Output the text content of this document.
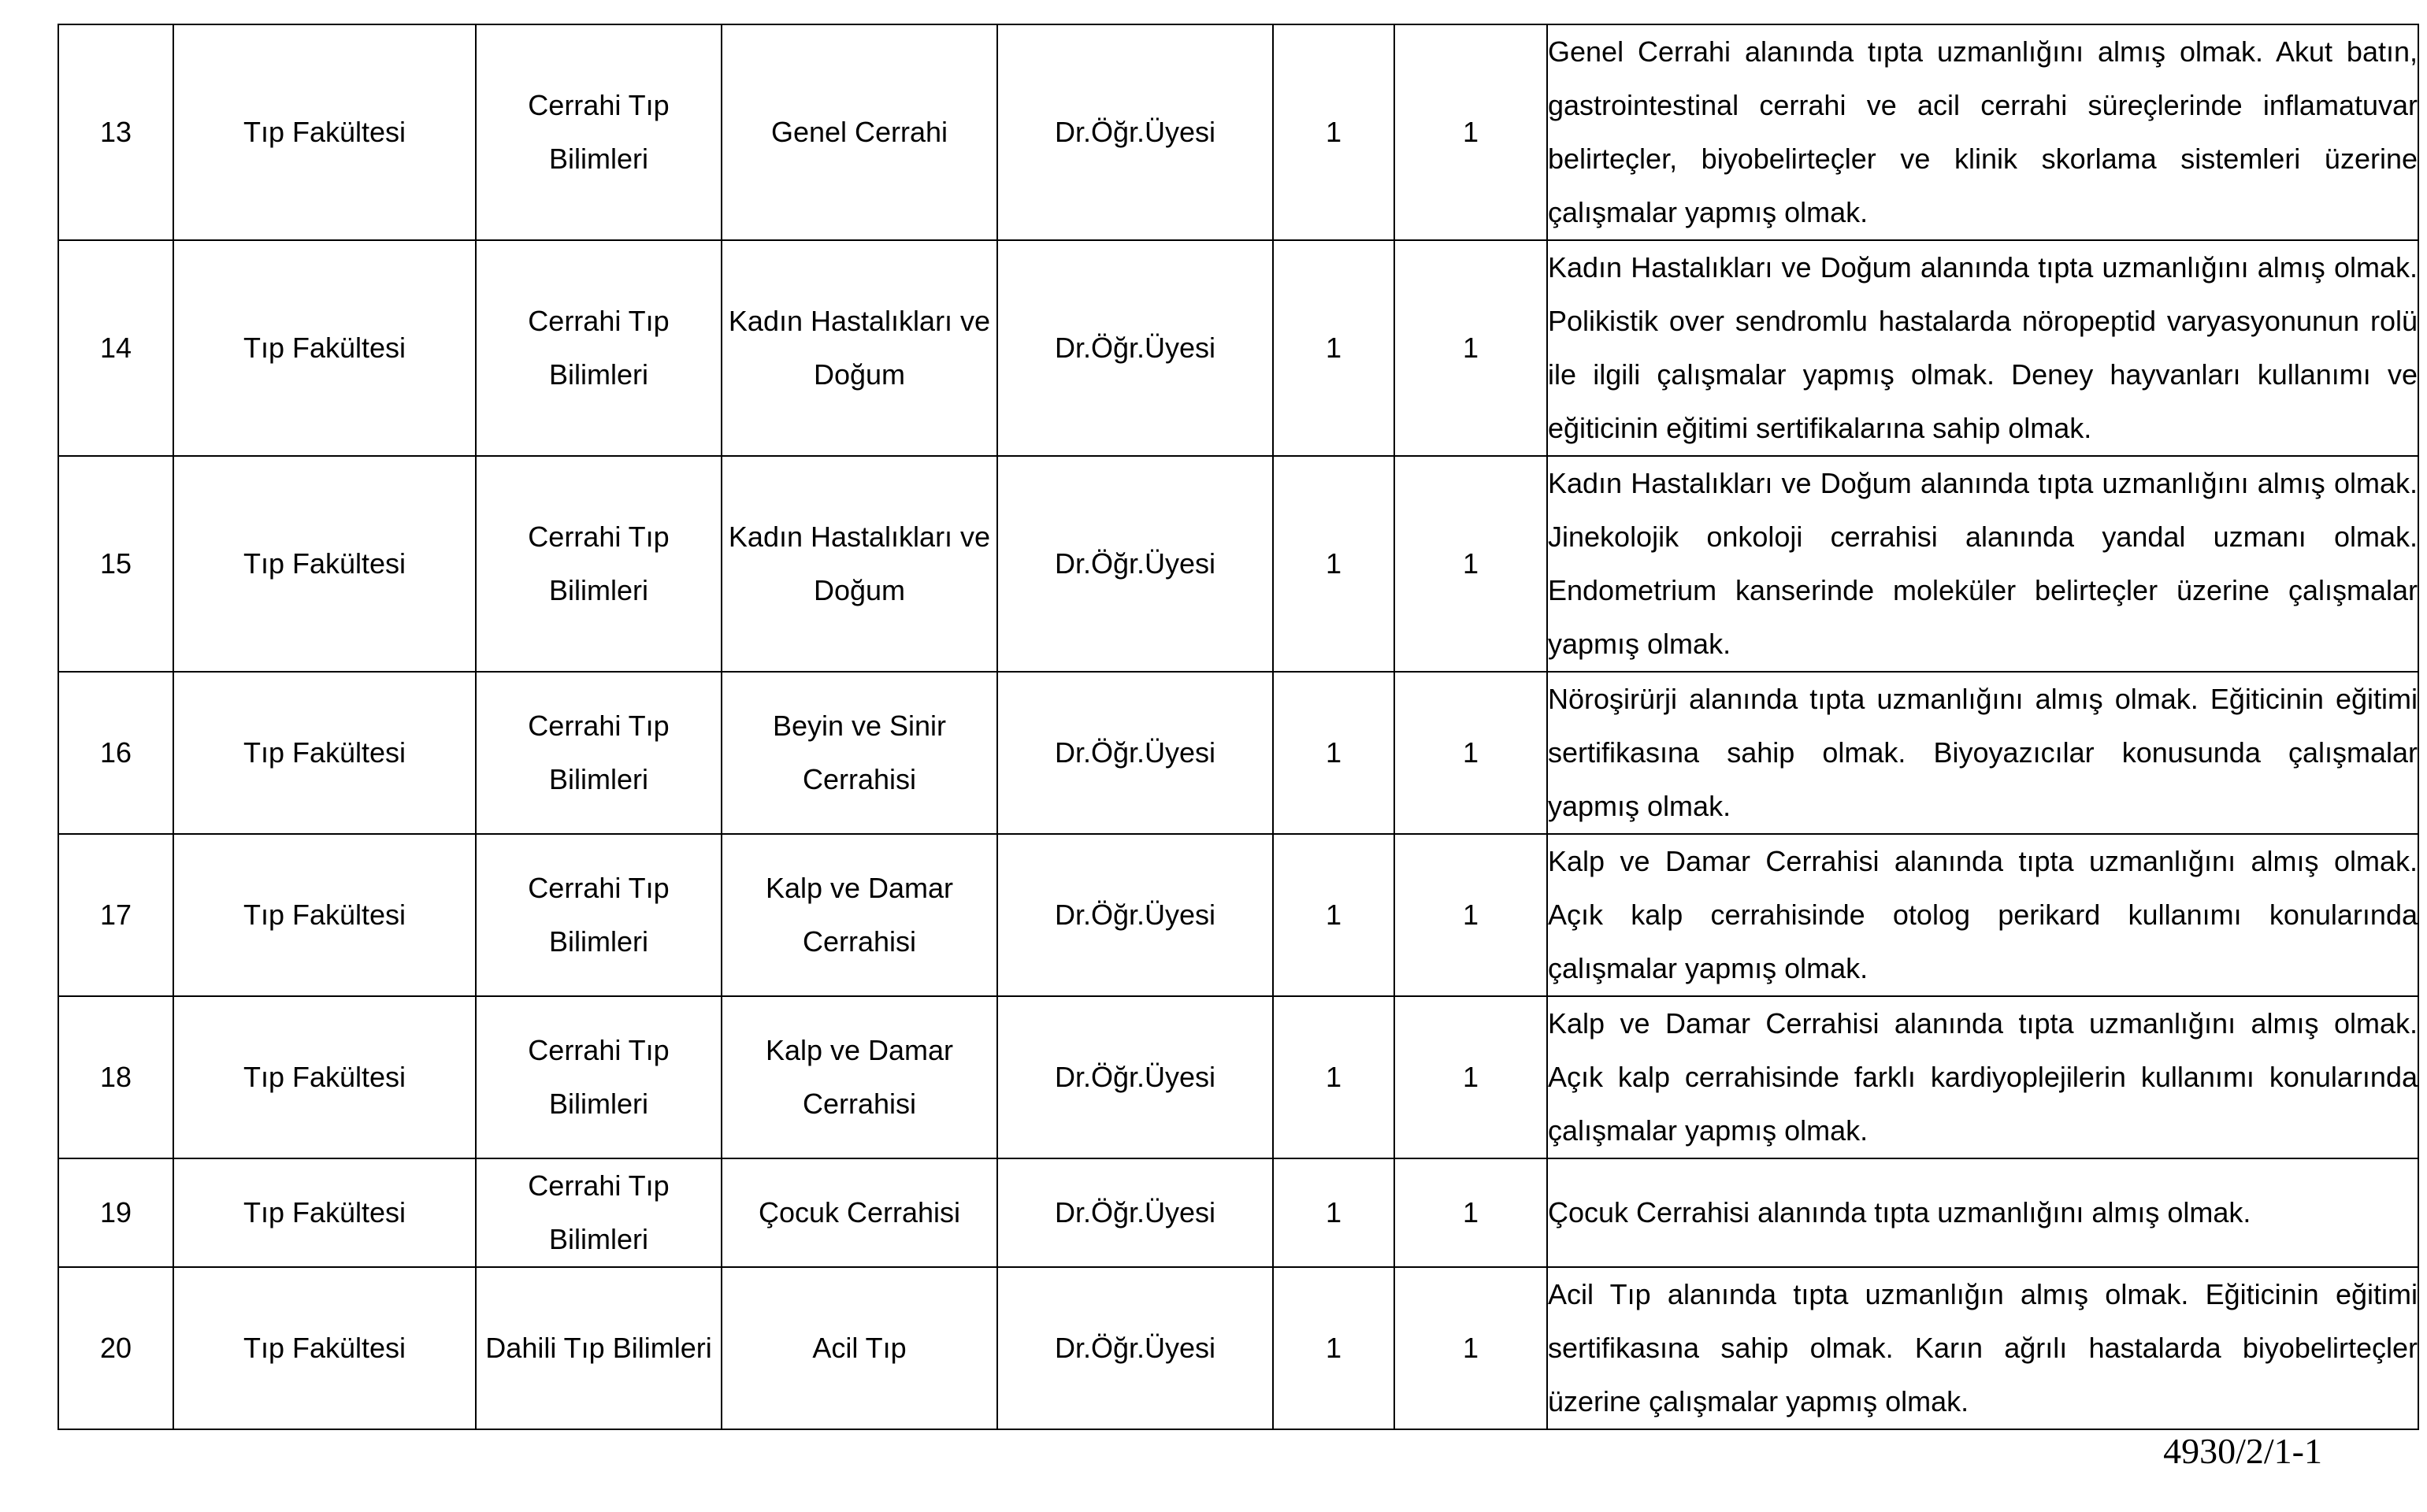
13	Tıp Fakültesi	Cerrahi Tıp Bilimleri	Genel Cerrahi	Dr.Öğr.Üyesi	1	1	Genel Cerrahi alanında tıpta uzmanlığını almış olmak. Akut batın, gastrointestinal cerrahi ve acil cerrahi süreçlerinde inflamatuvar belirteçler, biyobelirteçler ve klinik skorlama sistemleri üzerine çalışmalar yapmış olmak.

14	Tıp Fakültesi	Cerrahi Tıp Bilimleri	Kadın Hastalıkları ve Doğum	Dr.Öğr.Üyesi	1	1	Kadın Hastalıkları ve Doğum alanında tıpta uzmanlığını almış olmak. Polikistik over sendromlu hastalarda nöropeptid varyasyonunun rolü ile ilgili çalışmalar yapmış olmak. Deney hayvanları kullanımı ve eğiticinin eğitimi sertifikalarına sahip olmak.

15	Tıp Fakültesi	Cerrahi Tıp Bilimleri	Kadın Hastalıkları ve Doğum	Dr.Öğr.Üyesi	1	1	Kadın Hastalıkları ve Doğum alanında tıpta uzmanlığını almış olmak. Jinekolojik onkoloji cerrahisi alanında yandal uzmanı olmak. Endometrium kanserinde moleküler belirteçler üzerine çalışmalar yapmış olmak.

16	Tıp Fakültesi	Cerrahi Tıp Bilimleri	Beyin ve Sinir Cerrahisi	Dr.Öğr.Üyesi	1	1	Nöroşirürji alanında tıpta uzmanlığını almış olmak. Eğiticinin eğitimi sertifikasına sahip olmak. Biyoyazıcılar konusunda çalışmalar yapmış olmak.

17	Tıp Fakültesi	Cerrahi Tıp Bilimleri	Kalp ve Damar Cerrahisi	Dr.Öğr.Üyesi	1	1	Kalp ve Damar Cerrahisi alanında tıpta uzmanlığını almış olmak. Açık kalp cerrahisinde otolog perikard kullanımı konularında çalışmalar yapmış olmak.

18	Tıp Fakültesi	Cerrahi Tıp Bilimleri	Kalp ve Damar Cerrahisi	Dr.Öğr.Üyesi	1	1	Kalp ve Damar Cerrahisi alanında tıpta uzmanlığını almış olmak. Açık kalp cerrahisinde farklı kardiyoplejilerin kullanımı konularında çalışmalar yapmış olmak.

19	Tıp Fakültesi	Cerrahi Tıp Bilimleri	Çocuk Cerrahisi	Dr.Öğr.Üyesi	1	1	Çocuk Cerrahisi alanında tıpta uzmanlığını almış olmak.

20	Tıp Fakültesi	Dahili Tıp Bilimleri	Acil Tıp	Dr.Öğr.Üyesi	1	1	Acil Tıp alanında tıpta uzmanlığın almış olmak. Eğiticinin eğitimi sertifikasına sahip olmak. Karın ağrılı hastalarda biyobelirteçler üzerine çalışmalar yapmış olmak.
4930/2/1-1
